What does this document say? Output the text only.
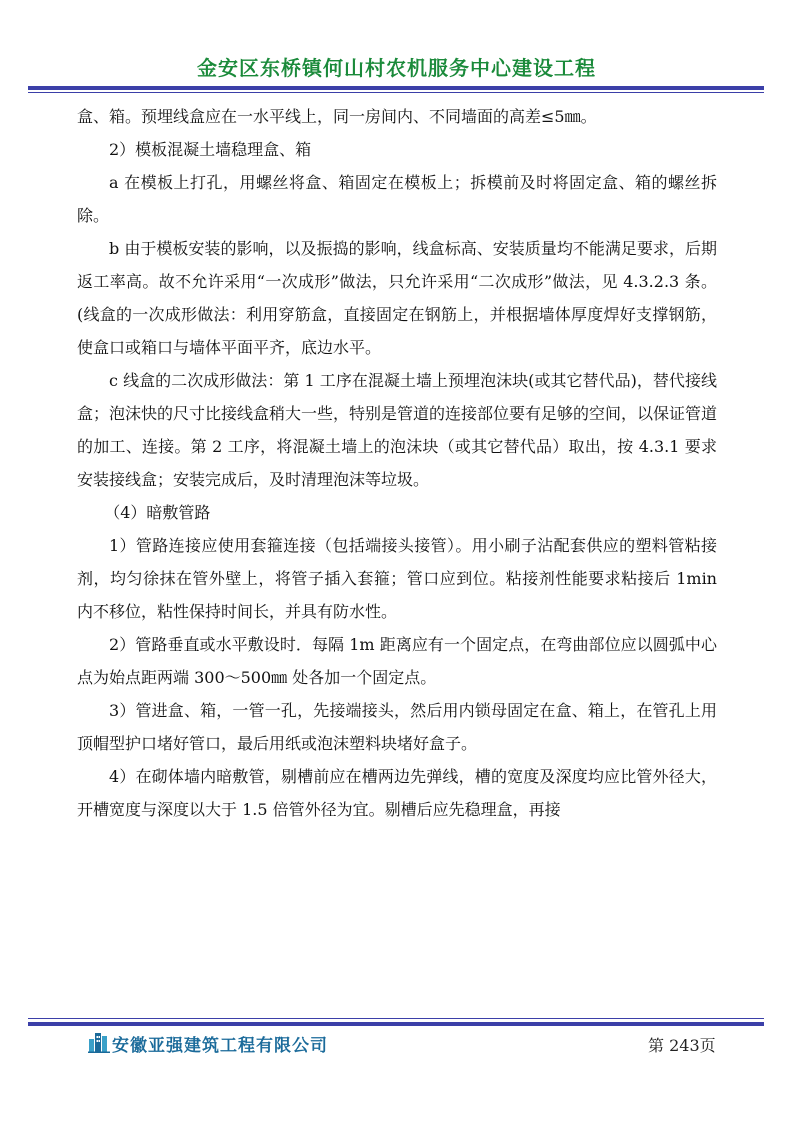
金安区东桥镇何山村农机服务中心建设工程

盒、箱。预埋线盒应在一水平线上，同一房间内、不同墙面的高差≤5㎜。

2）模板混凝土墙稳理盒、箱

a 在模板上打孔，用螺丝将盒、箱固定在模板上；拆模前及时将固定盒、箱的螺丝拆除。

b 由于模板安装的影响，以及振捣的影响，线盒标高、安装质量均不能满足要求，后期返工率高。故不允许采用“一次成形”做法，只允许采用“二次成形”做法，见 4.3.2.3 条。(线盒的一次成形做法：利用穿筋盒，直接固定在钢筋上，并根据墙体厚度焊好支撑钢筋，使盒口或箱口与墙体平面平齐，底边水平。

c 线盒的二次成形做法：第 1 工序在混凝土墙上预埋泡沫块(或其它替代品)，替代接线盒；泡沫快的尺寸比接线盒稍大一些，特别是管道的连接部位要有足够的空间，以保证管道的加工、连接。第 2 工序，将混凝土墙上的泡沫块（或其它替代品）取出，按 4.3.1 要求安装接线盒；安装完成后，及时清理泡沫等垃圾。

（4）暗敷管路

1）管路连接应使用套箍连接（包括端接头接管）。用小刷子沾配套供应的塑料管粘接剂，均匀徐抹在管外壁上，将管子插入套箍；管口应到位。粘接剂性能要求粘接后 1min 内不移位，粘性保持时间长，并具有防水性。

2）管路垂直或水平敷设时．每隔 1m 距离应有一个固定点，在弯曲部位应以圆弧中心点为始点距两端 300～500㎜ 处各加一个固定点。

3）管进盒、箱，一管一孔，先接端接头，然后用内锁母固定在盒、箱上，在管孔上用顶帽型护口堵好管口，最后用纸或泡沫塑料块堵好盒子。

4）在砌体墙内暗敷管，剔槽前应在槽两边先弹线，槽的宽度及深度均应比管外径大，开槽宽度与深度以大于 1.5 倍管外径为宜。剔槽后应先稳理盒，再接

安徽亚强建筑工程有限公司	第 243页
